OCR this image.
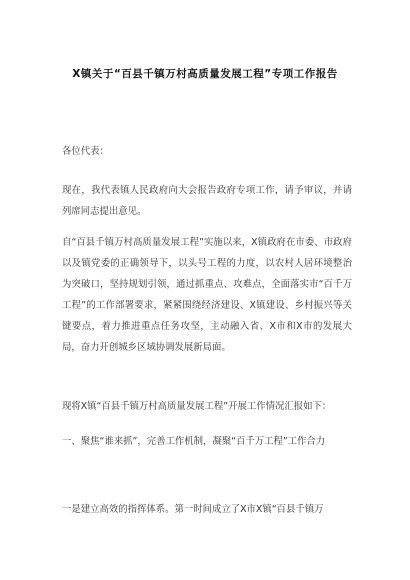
X镇关于“百县千镇万村高质量发展工程”专项工作报告
各位代表：
现在，我代表镇人民政府向大会报告政府专项工作，请予审议，并请列席同志提出意见。
自“百县千镇万村高质量发展工程”实施以来，X镇政府在市委、市政府以及镇党委的正确领导下，以头号工程的力度，以农村人居环境整治为突破口，坚持规划引领，通过抓重点、攻难点，全面落实市“百千万工程”的工作部署要求，紧紧围绕经济建设、X镇建设、乡村振兴等关键要点，着力推进重点任务攻坚，主动融入省、X市和X市的发展大局，奋力开创城乡区域协调发展新局面。
现将X镇“百县千镇万村高质量发展工程”开展工作情况汇报如下：
一、聚焦“谁来抓”，完善工作机制，凝聚“百千万工程”工作合力
一是建立高效的指挥体系。第一时间成立了X市X镇“百县千镇万
